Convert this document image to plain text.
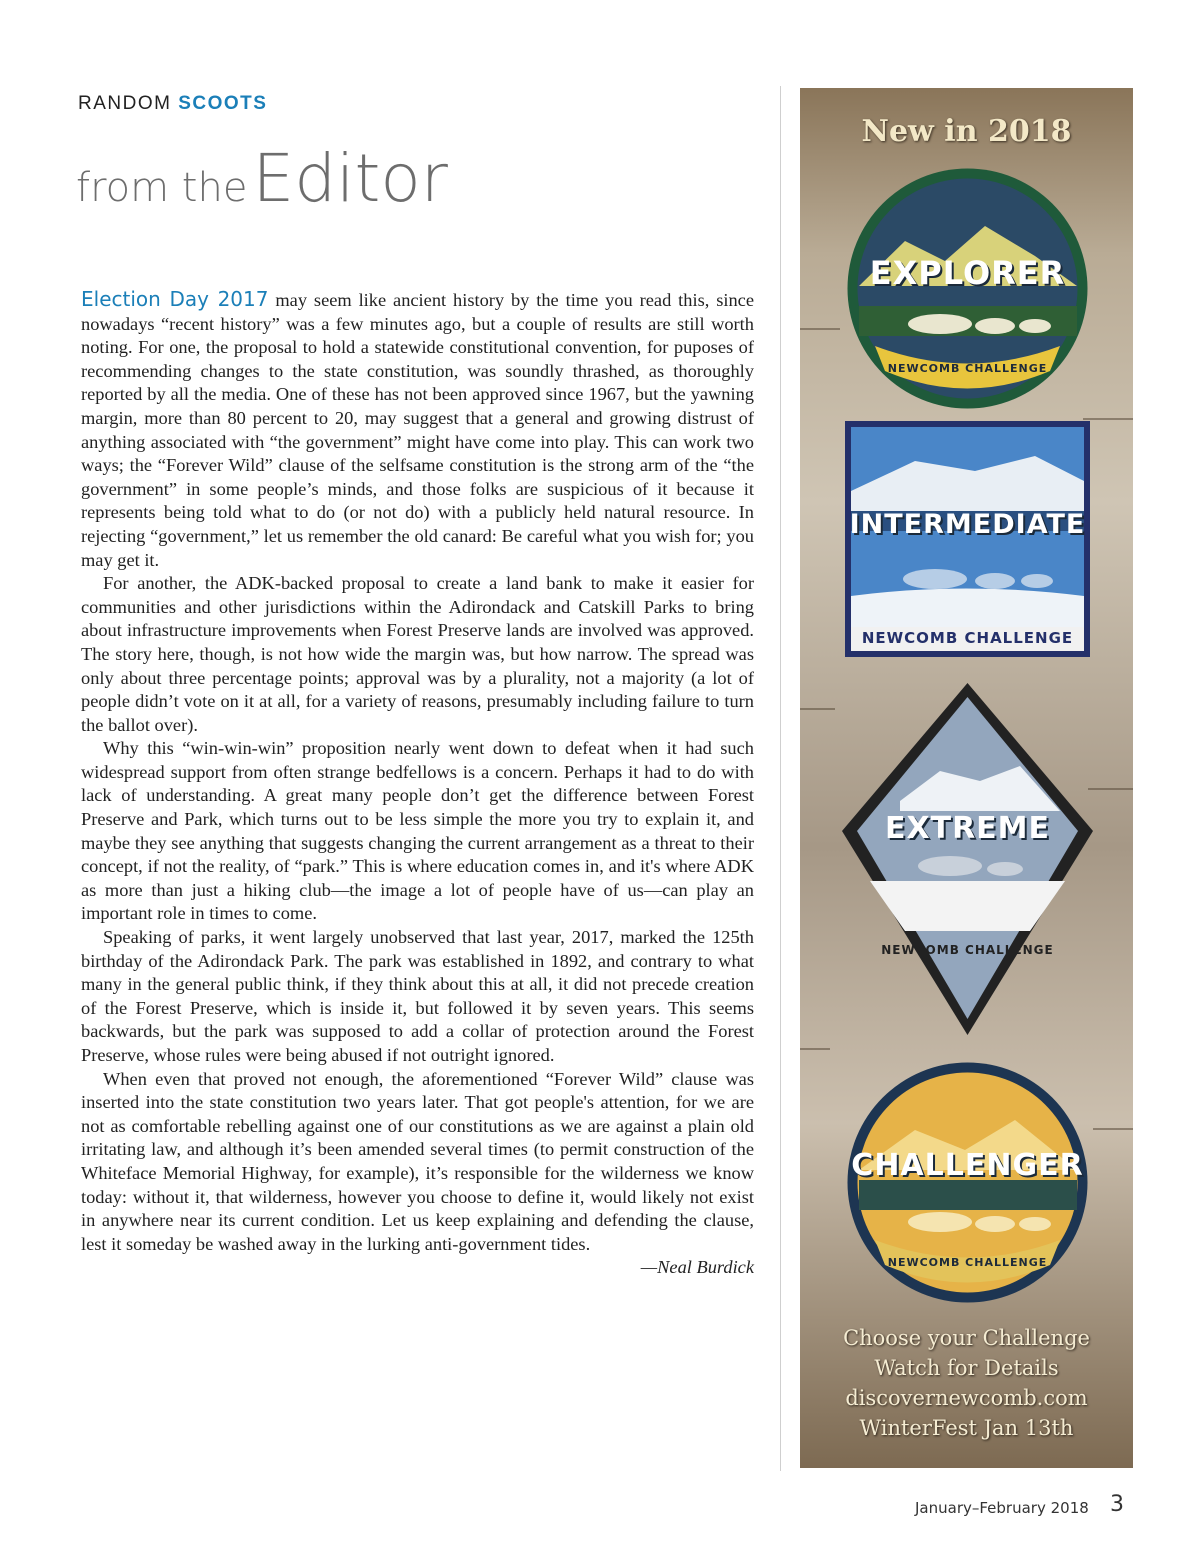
RANDOM SCOOTS
from the Editor

Election Day 2017 may seem like ancient history by the time you read this, since nowadays “recent history” was a few minutes ago, but a couple of results are still worth noting. For one, the proposal to hold a statewide constitutional convention, for puposes of recommending changes to the state constitution, was soundly thrashed, as thoroughly reported by all the media. One of these has not been approved since 1967, but the yawning margin, more than 80 percent to 20, may suggest that a general and growing distrust of anything associated with “the government” might have come into play. This can work two ways; the “Forever Wild” clause of the selfsame constitution is the strong arm of the “the government” in some people’s minds, and those folks are suspicious of it because it represents being told what to do (or not do) with a publicly held natural resource. In rejecting “government,” let us remember the old canard: Be careful what you wish for; you may get it.

For another, the ADK-backed proposal to create a land bank to make it easier for communities and other jurisdictions within the Adirondack and Catskill Parks to bring about infrastructure improvements when Forest Preserve lands are involved was approved. The story here, though, is not how wide the margin was, but how narrow. The spread was only about three percentage points; approval was by a plurality, not a majority (a lot of people didn’t vote on it at all, for a variety of reasons, presumably including failure to turn the ballot over).

Why this “win-win-win” proposition nearly went down to defeat when it had such widespread support from often strange bedfellows is a concern. Perhaps it had to do with lack of understanding. A great many people don’t get the difference between Forest Preserve and Park, which turns out to be less simple the more you try to explain it, and maybe they see anything that suggests changing the current arrangement as a threat to their concept, if not the reality, of “park.” This is where education comes in, and it's where ADK as more than just a hiking club—the image a lot of people have of us—can play an important role in times to come.

Speaking of parks, it went largely unobserved that last year, 2017, marked the 125th birthday of the Adirondack Park. The park was established in 1892, and contrary to what many in the general public think, if they think about this at all, it did not precede creation of the Forest Preserve, which is inside it, but followed it by seven years. This seems backwards, but the park was supposed to add a collar of protection around the Forest Preserve, whose rules were being abused if not outright ignored.

When even that proved not enough, the aforementioned “Forever Wild” clause was inserted into the state constitution two years later. That got people's attention, for we are not as comfortable rebelling against one of our constitutions as we are against a plain old irritating law, and although it’s been amended several times (to permit construction of the Whiteface Memorial Highway, for example), it’s responsible for the wilderness we know today: without it, that wilderness, however you choose to define it, would likely not exist in anywhere near its current condition. Let us keep explaining and defending the clause, lest it someday be washed away in the lurking anti-government tides.

—Neal Burdick
New in 2018
EXPLORER
NEWCOMB CHALLENGE
INTERMEDIATE
NEWCOMB CHALLENGE
EXTREME
NEWCOMB CHALLENGE
CHALLENGER
NEWCOMB CHALLENGE
Choose your Challenge
Watch for Details
discovernewcomb.com
WinterFest Jan 13th
January–February 2018 3
